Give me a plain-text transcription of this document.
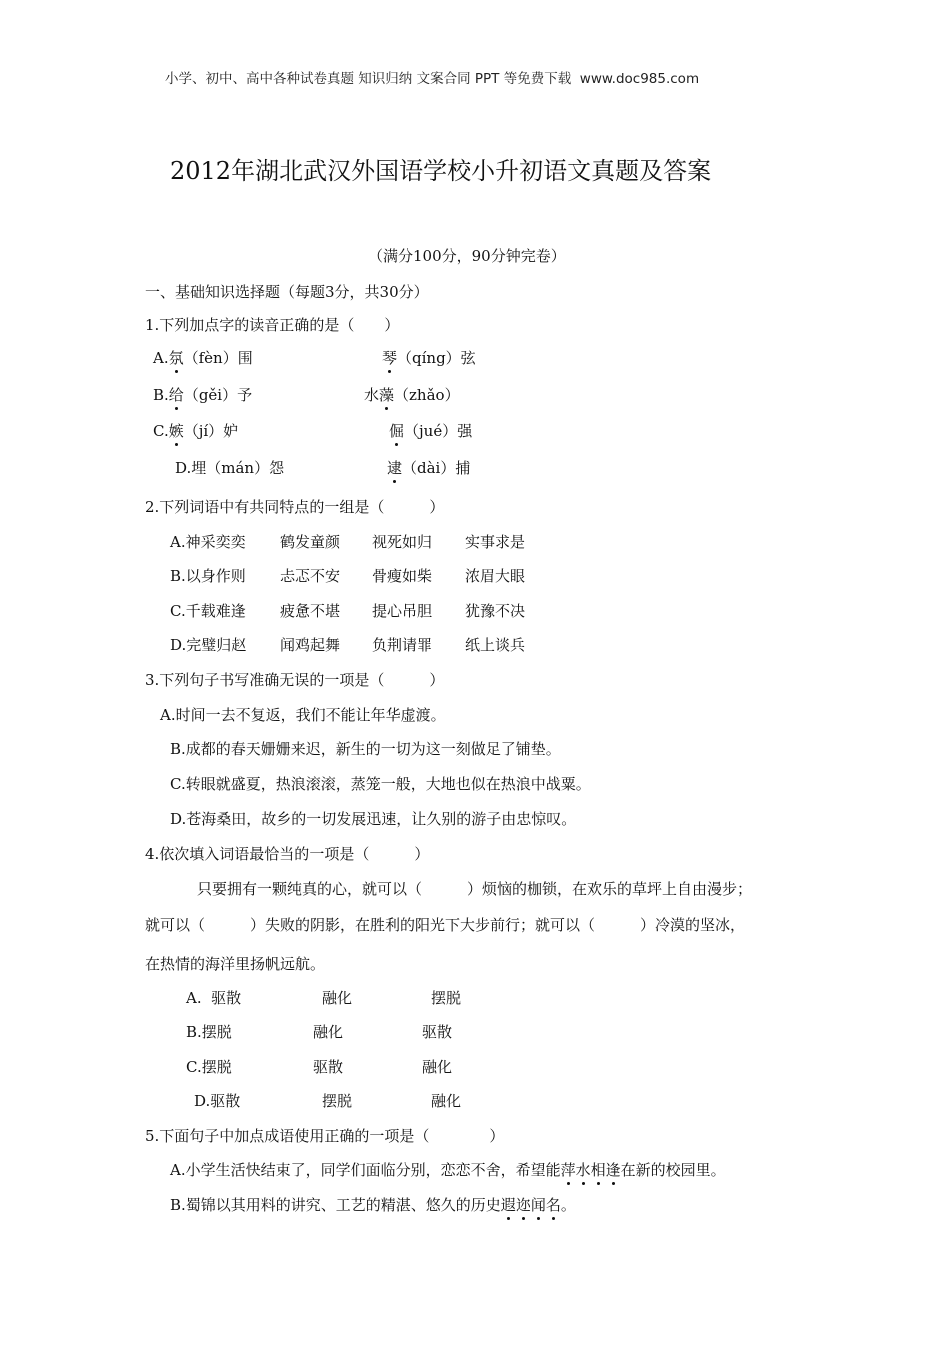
小学、初中、高中各种试卷真题 知识归纳 文案合同 PPT 等免费下载  www.doc985.com
2012年湖北武汉外国语学校小升初语文真题及答案
（满分100分，90分钟完卷）
一、基础知识选择题（每题3分，共30分）
1.下列加点字的读音正确的是（　　）
A.氛（fèn）围	琴（qíng）弦
B.给（gěi）予	水藻（zhǎo）
C.嫉（jí）妒	倔（jué）强
D.埋（mán）怨	逮（dài）捕
2.下列词语中有共同特点的一组是（　　　）
A.神采奕奕 鹤发童颜 视死如归 实事求是
B.以身作则 忐忑不安 骨瘦如柴 浓眉大眼
C.千载难逢 疲惫不堪 提心吊胆 犹豫不决
D.完璧归赵 闻鸡起舞 负荆请罪 纸上谈兵
3.下列句子书写准确无误的一项是（　　　）
A.时间一去不复返，我们不能让年华虚渡。
B.成都的春天姗姗来迟，新生的一切为这一刻做足了铺垫。
C.转眼就盛夏，热浪滚滚，蒸笼一般，大地也似在热浪中战粟。
D.苍海桑田，故乡的一切发展迅速，让久别的游子由忠惊叹。
4.依次填入词语最恰当的一项是（　　　）
只要拥有一颗纯真的心，就可以（　　　）烦恼的枷锁，在欢乐的草坪上自由漫步；
就可以（　　　）失败的阴影，在胜利的阳光下大步前行；就可以（　　　）冷漠的坚冰，
在热情的海洋里扬帆远航。
A.  驱散	融化	摆脱
B.摆脱	融化	驱散
C.摆脱	驱散	融化
D.驱散	摆脱	融化
5.下面句子中加点成语使用正确的一项是（　　　　）
A.小学生活快结束了，同学们面临分别，恋恋不舍，希望能萍水相逢在新的校园里。
B.蜀锦以其用料的讲究、工艺的精湛、悠久的历史遐迩闻名。
